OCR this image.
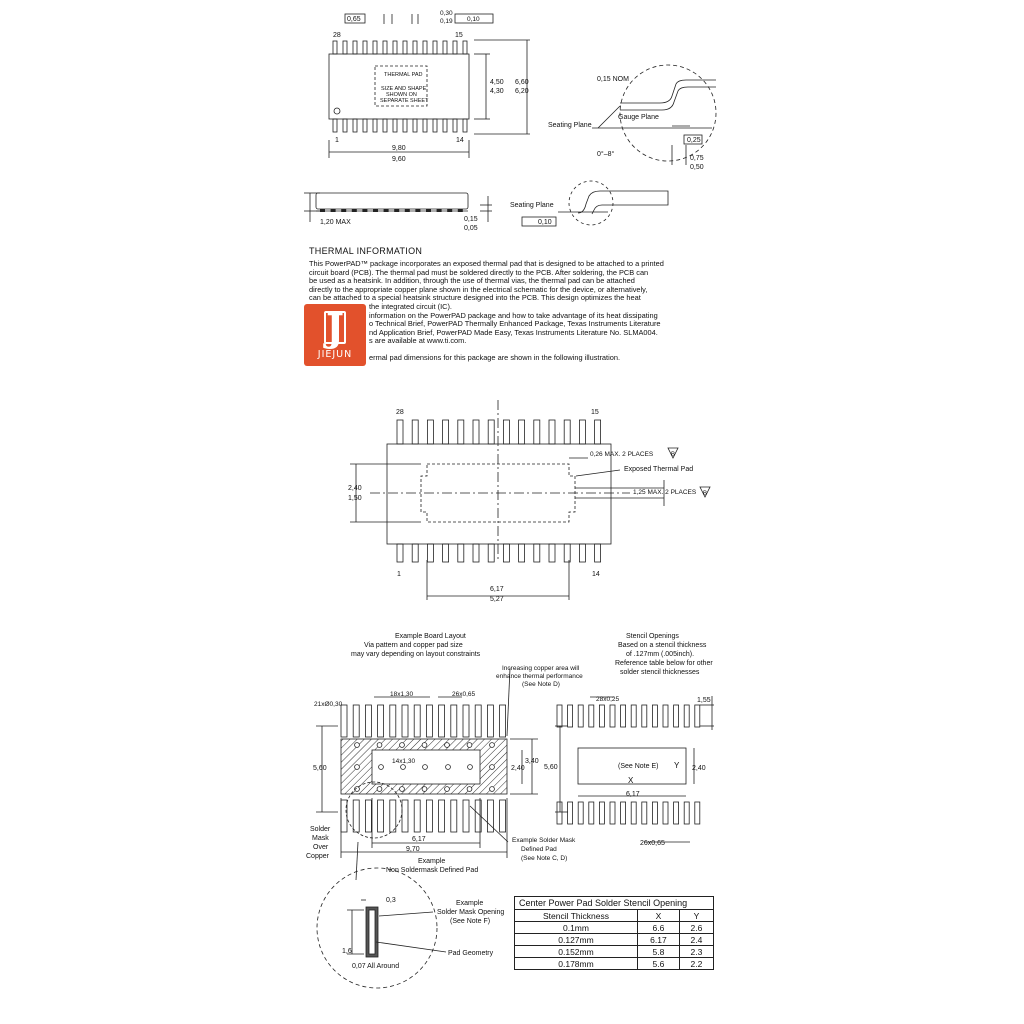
0,65
0,30
0,19 0,10
28	15
1	14
THERMAL PAD
SIZE AND SHAPE
SHOWN ON
SEPARATE SHEET
4,50
4,30
6,60
6,20
9,80
9,60
0,15 NOM
Gauge Plane
Seating Plane
0,25
0°–8°
0,75
0,50
1,20 MAX	0,15
0,05
Seating Plane
0,10
28	15
1	14
0,26 MAX. 2 PLACES	B
Exposed Thermal Pad
1,25 MAX. 2 PLACES B
2,40
1,50
6,17
5,27
Example Board Layout
Via pattern and copper pad size
may vary depending on layout constraints
Increasing copper area will
enhance thermal performance
(See Note D)
21xØ0,30
18x1,30	26x0,65
14x1,30
5,60
3,40
2,40
6,17
9,70
Solder
Mask
Over
Copper
Example Solder Mask
Defined Pad
(See Note C, D)
Example
Non Soldermask Defined Pad
Stencil Openings
Based on a stencil thickness
of .127mm (.005inch).
Reference table below for other
solder stencil thicknesses
28x0,25	1,55
5,60	2,40
(See Note E)
X
Y
6,17
26x0,65
0,3
1,6
0,07 All Around
Example
Solder Mask Opening
(See Note F)
Pad Geometry
THERMAL INFORMATION
This PowerPAD™ package incorporates an exposed thermal pad that is designed to be attached to a printed
circuit board (PCB). The thermal pad must be soldered directly to the PCB. After soldering, the PCB can
be used as a heatsink. In addition, through the use of thermal vias, the thermal pad can be attached
directly to the appropriate copper plane shown in the electrical schematic for the device, or alternatively,
can be attached to a special heatsink structure designed into the PCB. This design optimizes the heat
the integrated circuit (IC).
information on the PowerPAD package and how to take advantage of its heat dissipating
o Technical Brief, PowerPAD Thermally Enhanced Package, Texas Instruments Literature
nd Application Brief, PowerPAD Made Easy, Texas Instruments Literature No. SLMA004.
s are available at www.ti.com.
ermal pad dimensions for this package are shown in the following illustration.
J
JIEJUN
Center Power Pad Solder Stencil Opening
Stencil Thickness	X	Y
0.1mm	6.6	2.6
0.127mm	6.17	2.4
0.152mm	5.8	2.3
0.178mm	5.6	2.2
